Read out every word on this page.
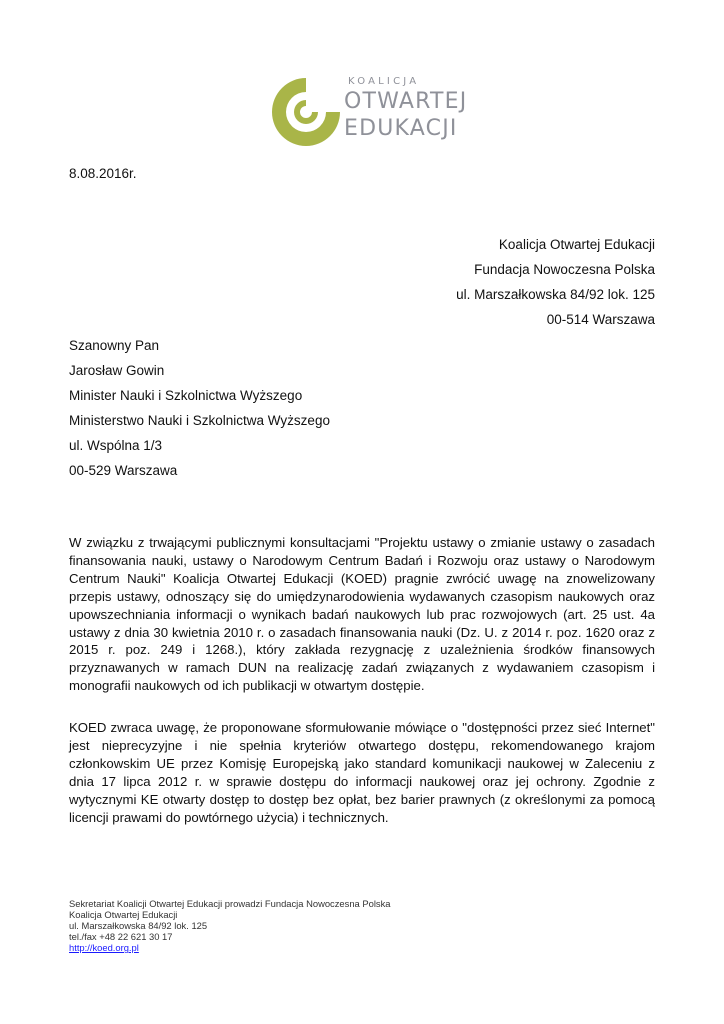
KOALICJA
OTWARTEJ
EDUKACJI
8.08.2016r.
Koalicja Otwartej Edukacji
Fundacja Nowoczesna Polska
ul. Marszałkowska 84/92 lok. 125
00-514 Warszawa
Szanowny Pan
Jarosław Gowin
Minister Nauki i Szkolnictwa Wyższego
Ministerstwo Nauki i Szkolnictwa Wyższego
ul. Wspólna 1/3
00-529 Warszawa
W związku z trwającymi publicznymi konsultacjami "Projektu ustawy o zmianie ustawy o zasadach finansowania nauki, ustawy o Narodowym Centrum Badań i Rozwoju oraz ustawy o Narodowym Centrum Nauki" Koalicja Otwartej Edukacji (KOED) pragnie zwrócić uwagę na znowelizowany przepis ustawy, odnoszący się do umiędzynarodowienia wydawanych czasopism naukowych oraz upowszechniania informacji o wynikach badań naukowych lub prac rozwojowych (art. 25 ust. 4a ustawy z dnia 30 kwietnia 2010 r. o zasadach finansowania nauki (Dz. U. z 2014 r. poz. 1620 oraz z 2015 r. poz. 249 i 1268.), który zakłada rezygnację z uzależnienia środków finansowych przyznawanych w ramach DUN na realizację zadań związanych z wydawaniem czasopism i monografii naukowych od ich publikacji w otwartym dostępie.
KOED zwraca uwagę, że proponowane sformułowanie mówiące o "dostępności przez sieć Internet" jest nieprecyzyjne i nie spełnia kryteriów otwartego dostępu, rekomendowanego krajom członkowskim UE przez Komisję Europejską jako standard komunikacji naukowej w Zaleceniu z dnia 17 lipca 2012 r. w sprawie dostępu do informacji naukowej oraz jej ochrony. Zgodnie z wytycznymi KE otwarty dostęp to dostęp bez opłat, bez barier prawnych (z określonymi za pomocą licencji prawami do powtórnego użycia) i technicznych.
Sekretariat Koalicji Otwartej Edukacji prowadzi Fundacja Nowoczesna Polska
Koalicja Otwartej Edukacji
ul. Marszałkowska 84/92 lok. 125
tel./fax +48 22 621 30 17
http://koed.org.pl
